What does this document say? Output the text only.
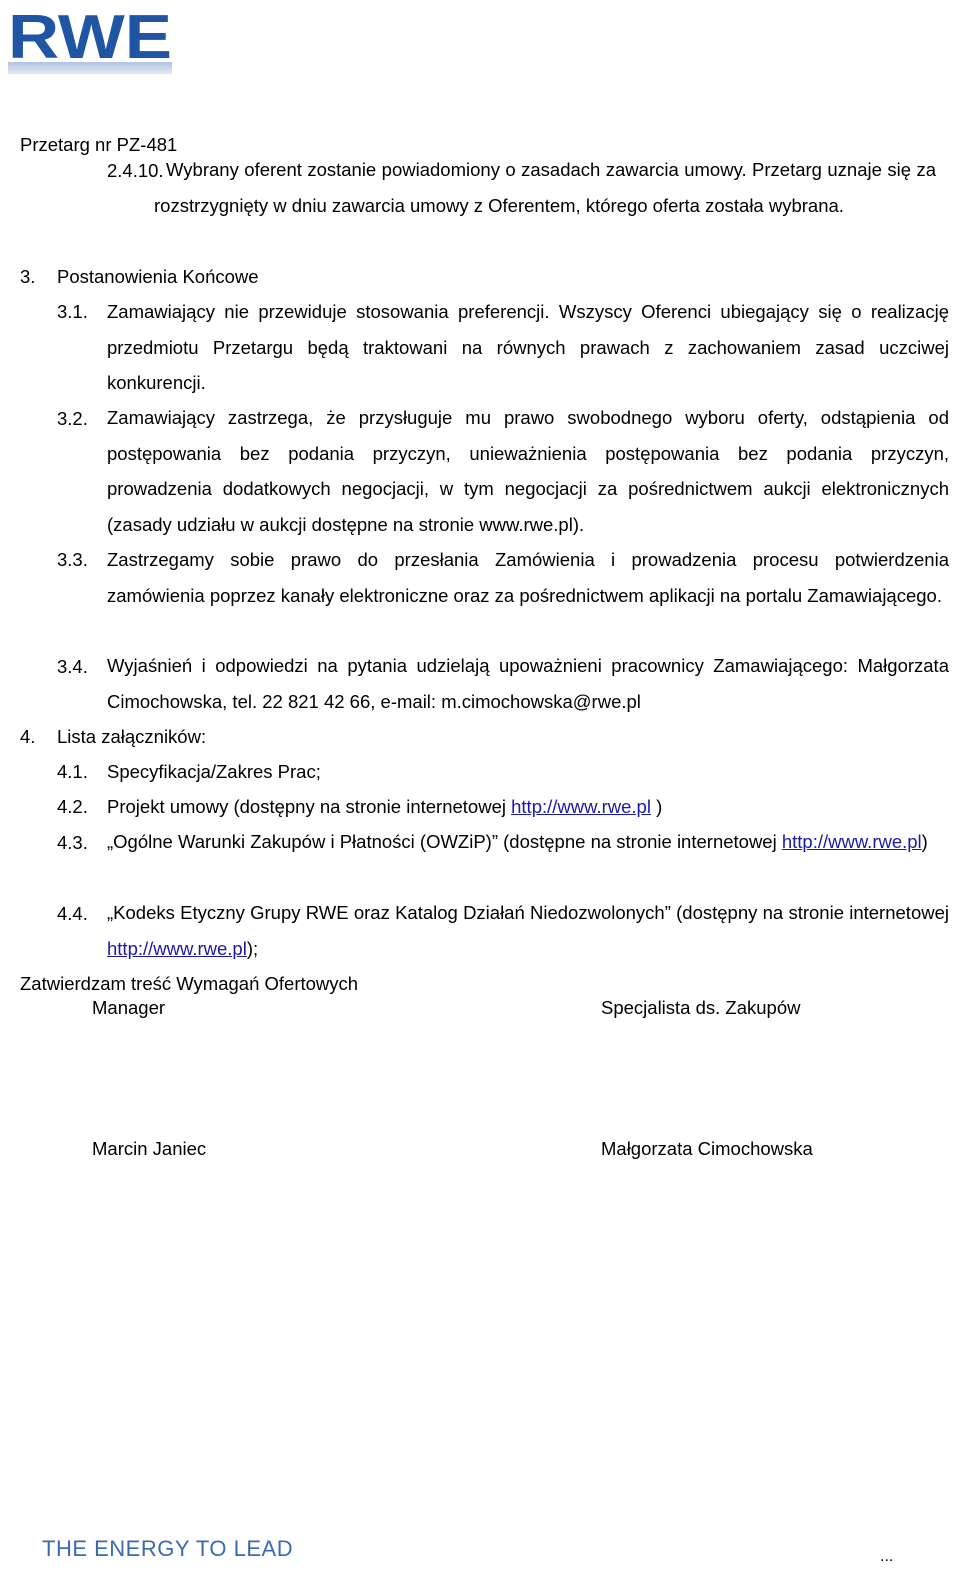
RWE
Przetarg nr PZ-481
2.4.10. Wybrany oferent zostanie powiadomiony o zasadach zawarcia umowy. Przetarg uznaje się za rozstrzygnięty w dniu zawarcia umowy z Oferentem, którego oferta została wybrana.
3. Postanowienia Końcowe
3.1. Zamawiający nie przewiduje stosowania preferencji. Wszyscy Oferenci ubiegający się o realizację przedmiotu Przetargu będą traktowani na równych prawach z zachowaniem zasad uczciwej konkurencji.
3.2. Zamawiający zastrzega, że przysługuje mu prawo swobodnego wyboru oferty, odstąpienia od postępowania bez podania przyczyn, unieważnienia postępowania bez podania przyczyn, prowadzenia dodatkowych negocjacji, w tym negocjacji za pośrednictwem aukcji elektronicznych (zasady udziału w aukcji dostępne na stronie www.rwe.pl).
3.3. Zastrzegamy sobie prawo do przesłania Zamówienia i prowadzenia procesu potwierdzenia zamówienia poprzez kanały elektroniczne oraz za pośrednictwem aplikacji na portalu Zamawiającego.
3.4. Wyjaśnień i odpowiedzi na pytania udzielają upoważnieni pracownicy Zamawiającego: Małgorzata Cimochowska, tel. 22 821 42 66, e-mail: m.cimochowska@rwe.pl
4. Lista załączników:
4.1. Specyfikacja/Zakres Prac;
4.2. Projekt umowy (dostępny na stronie internetowej http://www.rwe.pl )
4.3. „Ogólne Warunki Zakupów i Płatności (OWZiP)” (dostępne na stronie internetowej http://www.rwe.pl)
4.4. „Kodeks Etyczny Grupy RWE oraz Katalog Działań Niedozwolonych” (dostępny na stronie internetowej http://www.rwe.pl);
Zatwierdzam treść Wymagań Ofertowych
Manager	Specjalista ds. Zakupów
Marcin Janiec	Małgorzata Cimochowska
THE ENERGY TO LEAD	...
